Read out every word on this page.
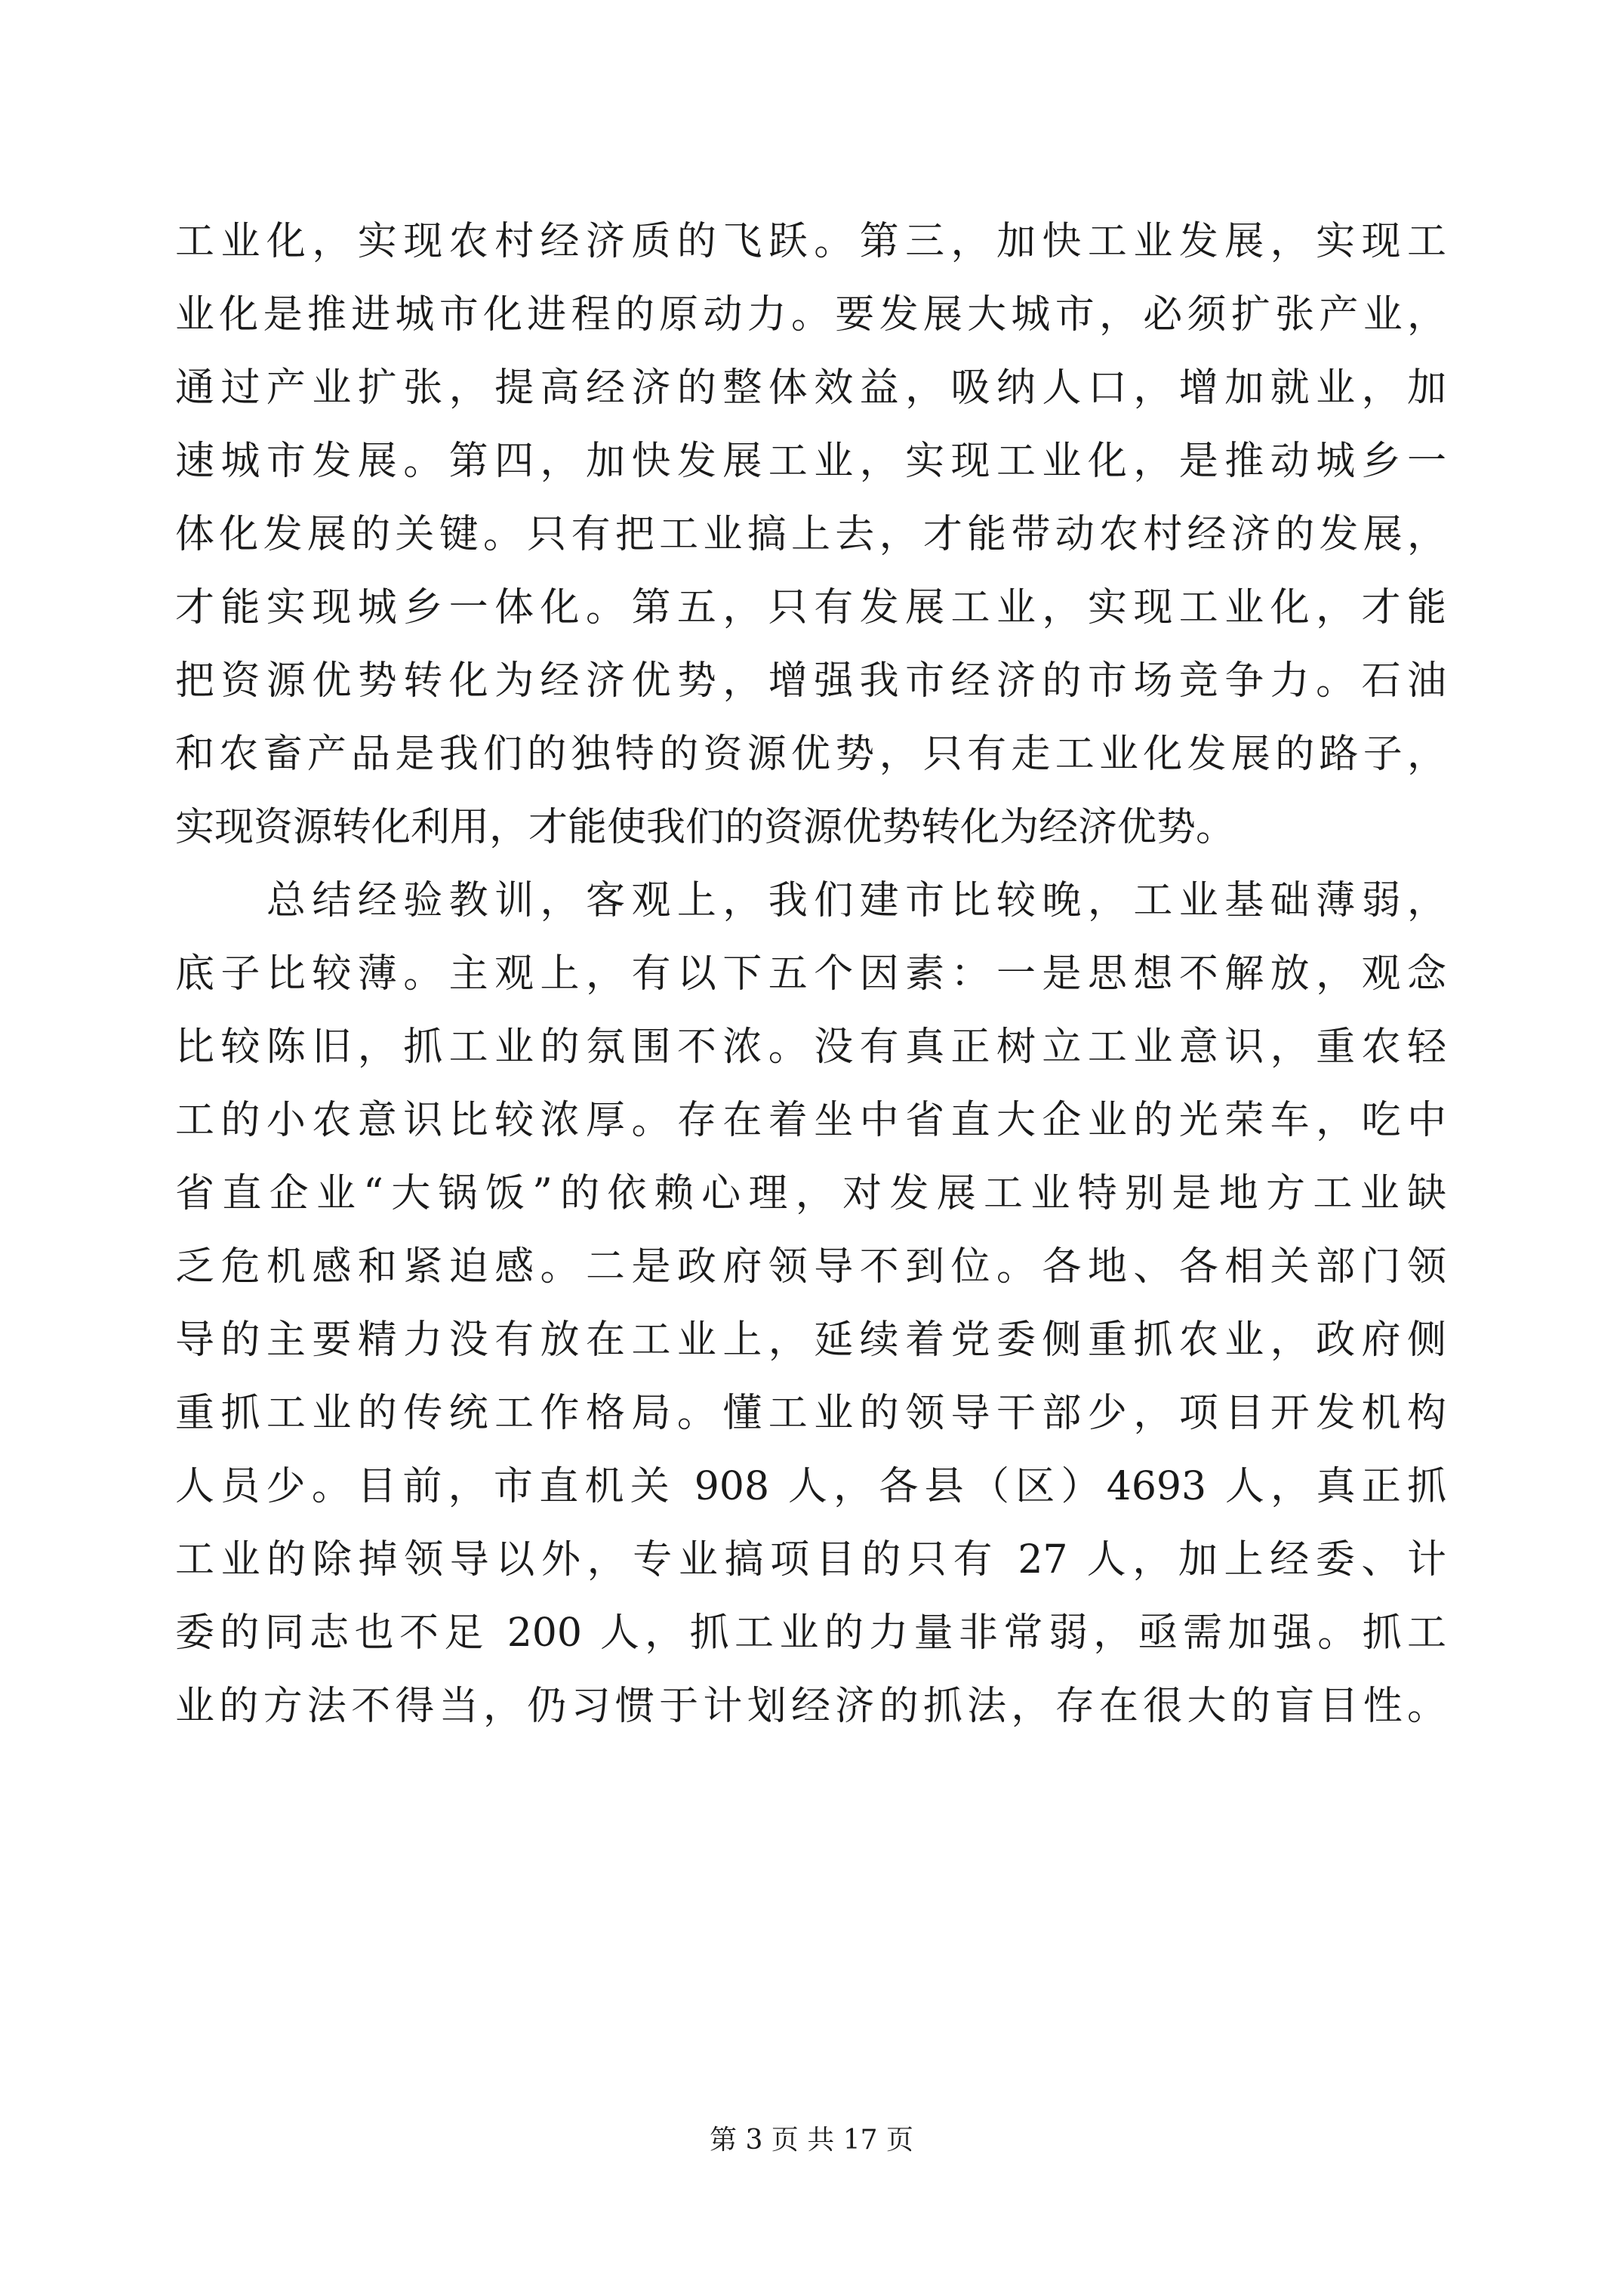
工业化，实现农村经济质的飞跃。第三，加快工业发展，实现工
业化是推进城市化进程的原动力。要发展大城市，必须扩张产业，
通过产业扩张，提高经济的整体效益，吸纳人口，增加就业，加
速城市发展。第四，加快发展工业，实现工业化，是推动城乡一
体化发展的关键。只有把工业搞上去，才能带动农村经济的发展，
才能实现城乡一体化。第五，只有发展工业，实现工业化，才能
把资源优势转化为经济优势，增强我市经济的市场竞争力。石油
和农畜产品是我们的独特的资源优势，只有走工业化发展的路子，
实现资源转化利用，才能使我们的资源优势转化为经济优势。
　　总结经验教训，客观上，我们建市比较晚，工业基础薄弱，
底子比较薄。主观上，有以下五个因素：一是思想不解放，观念
比较陈旧，抓工业的氛围不浓。没有真正树立工业意识，重农轻
工的小农意识比较浓厚。存在着坐中省直大企业的光荣车，吃中
省直企业“大锅饭”的依赖心理，对发展工业特别是地方工业缺
乏危机感和紧迫感。二是政府领导不到位。各地、各相关部门领
导的主要精力没有放在工业上，延续着党委侧重抓农业，政府侧
重抓工业的传统工作格局。懂工业的领导干部少，项目开发机构
人员少。目前，市直机关 908 人，各县（区）4693 人，真正抓
工业的除掉领导以外，专业搞项目的只有 27 人，加上经委、计
委的同志也不足 200 人，抓工业的力量非常弱，亟需加强。抓工
业的方法不得当，仍习惯于计划经济的抓法，存在很大的盲目性。
第 3 页 共 17 页
